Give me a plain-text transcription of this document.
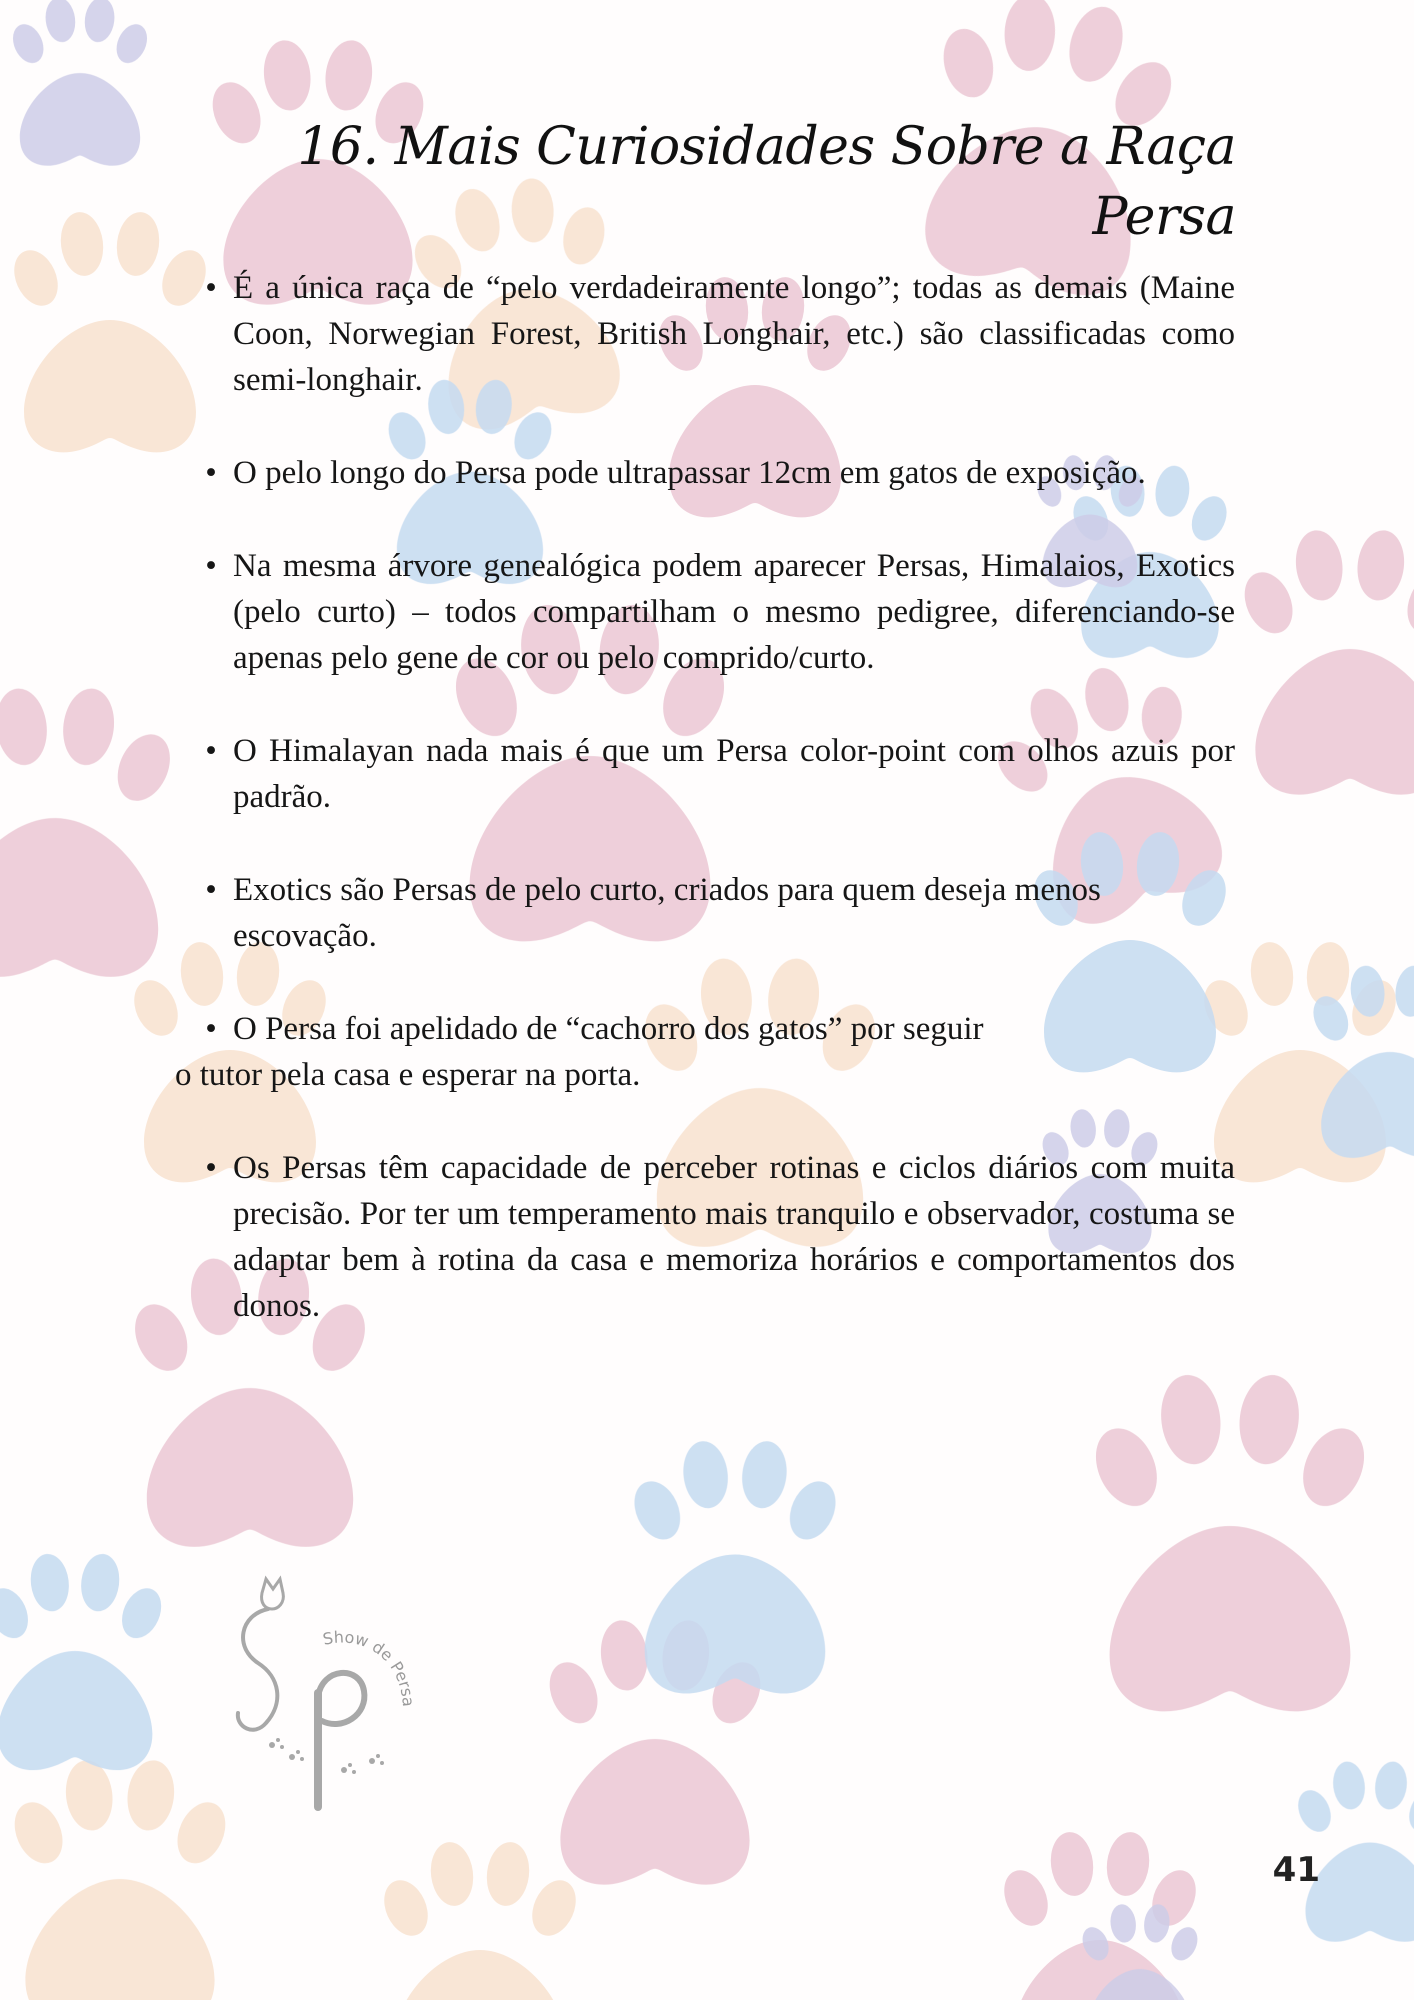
16. Mais Curiosidades Sobre a Raça Persa
• É a única raça de “pelo verdadeiramente longo”; todas as demais (Maine Coon, Norwegian Forest, British Longhair, etc.) são classificadas como semi-longhair.
• O pelo longo do Persa pode ultrapassar 12cm em gatos de exposição.
• Na mesma árvore genealógica podem aparecer Persas, Himalaios, Exotics (pelo curto) – todos compartilham o mesmo pedigree, diferenciando-se apenas pelo gene de cor ou pelo comprido/curto.
• O Himalayan nada mais é que um Persa color-point com olhos azuis por padrão.
• Exotics são Persas de pelo curto, criados para quem deseja menos escovação.
• O Persa foi apelidado de “cachorro dos gatos” por seguir
o tutor pela casa e esperar na porta.
• Os Persas têm capacidade de perceber rotinas e ciclos diários com muita precisão. Por ter um temperamento mais tranquilo e observador, costuma se adaptar bem à rotina da casa e memoriza horários e comportamentos dos donos.
Show de Persa
41
